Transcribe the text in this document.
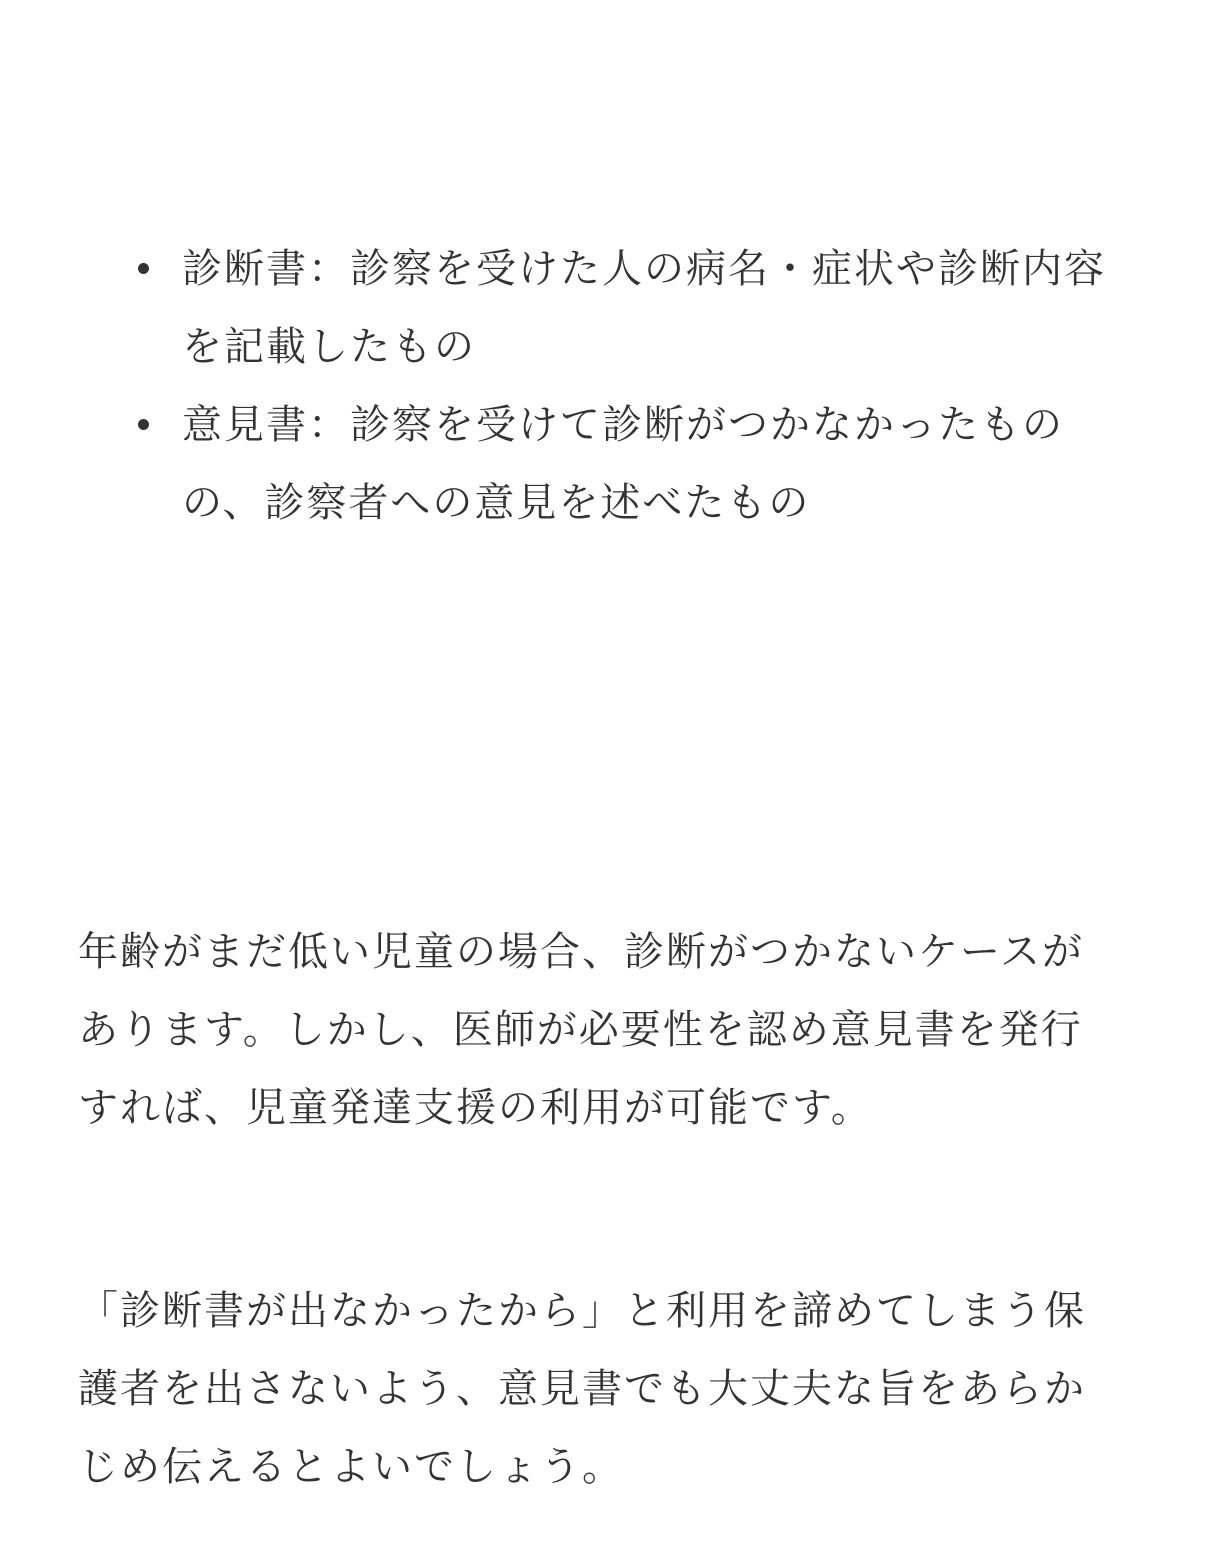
診断書：診察を受けた人の病名・症状や診断内容を記載したもの
意見書：診察を受けて診断がつかなかったものの、診察者への意見を述べたもの

年齢がまだ低い児童の場合、診断がつかないケースがあります。しかし、医師が必要性を認め意見書を発行すれば、児童発達支援の利用が可能です。

「診断書が出なかったから」と利用を諦めてしまう保護者を出さないよう、意見書でも大丈夫な旨をあらかじめ伝えるとよいでしょう。
